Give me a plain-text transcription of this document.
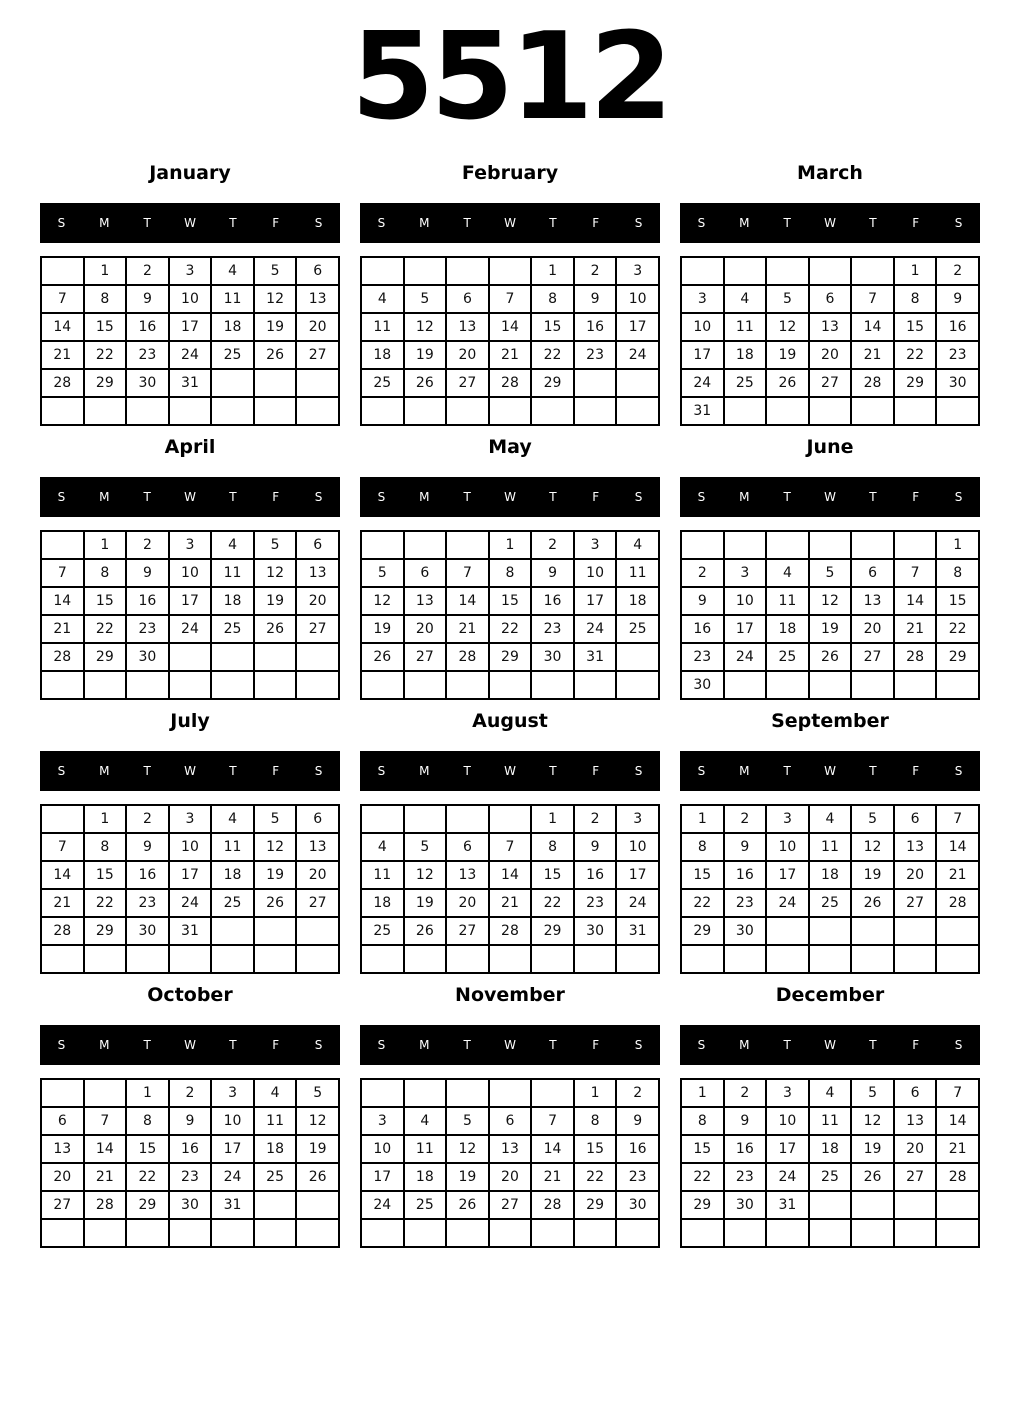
5512
January
S	M	T	W	T	F	S
	1	2	3	4	5	6
7	8	9	10	11	12	13
14	15	16	17	18	19	20
21	22	23	24	25	26	27
28	29	30	31			

February
S	M	T	W	T	F	S
				1	2	3
4	5	6	7	8	9	10
11	12	13	14	15	16	17
18	19	20	21	22	23	24
25	26	27	28	29		

March
S	M	T	W	T	F	S
					1	2
3	4	5	6	7	8	9
10	11	12	13	14	15	16
17	18	19	20	21	22	23
24	25	26	27	28	29	30
31						
April
S	M	T	W	T	F	S
	1	2	3	4	5	6
7	8	9	10	11	12	13
14	15	16	17	18	19	20
21	22	23	24	25	26	27
28	29	30				

May
S	M	T	W	T	F	S
			1	2	3	4
5	6	7	8	9	10	11
12	13	14	15	16	17	18
19	20	21	22	23	24	25
26	27	28	29	30	31	

June
S	M	T	W	T	F	S
						1
2	3	4	5	6	7	8
9	10	11	12	13	14	15
16	17	18	19	20	21	22
23	24	25	26	27	28	29
30						
July
S	M	T	W	T	F	S
	1	2	3	4	5	6
7	8	9	10	11	12	13
14	15	16	17	18	19	20
21	22	23	24	25	26	27
28	29	30	31			

August
S	M	T	W	T	F	S
				1	2	3
4	5	6	7	8	9	10
11	12	13	14	15	16	17
18	19	20	21	22	23	24
25	26	27	28	29	30	31

September
S	M	T	W	T	F	S
1	2	3	4	5	6	7
8	9	10	11	12	13	14
15	16	17	18	19	20	21
22	23	24	25	26	27	28
29	30					

October
S	M	T	W	T	F	S
		1	2	3	4	5
6	7	8	9	10	11	12
13	14	15	16	17	18	19
20	21	22	23	24	25	26
27	28	29	30	31		

November
S	M	T	W	T	F	S
					1	2
3	4	5	6	7	8	9
10	11	12	13	14	15	16
17	18	19	20	21	22	23
24	25	26	27	28	29	30

December
S	M	T	W	T	F	S
1	2	3	4	5	6	7
8	9	10	11	12	13	14
15	16	17	18	19	20	21
22	23	24	25	26	27	28
29	30	31				
